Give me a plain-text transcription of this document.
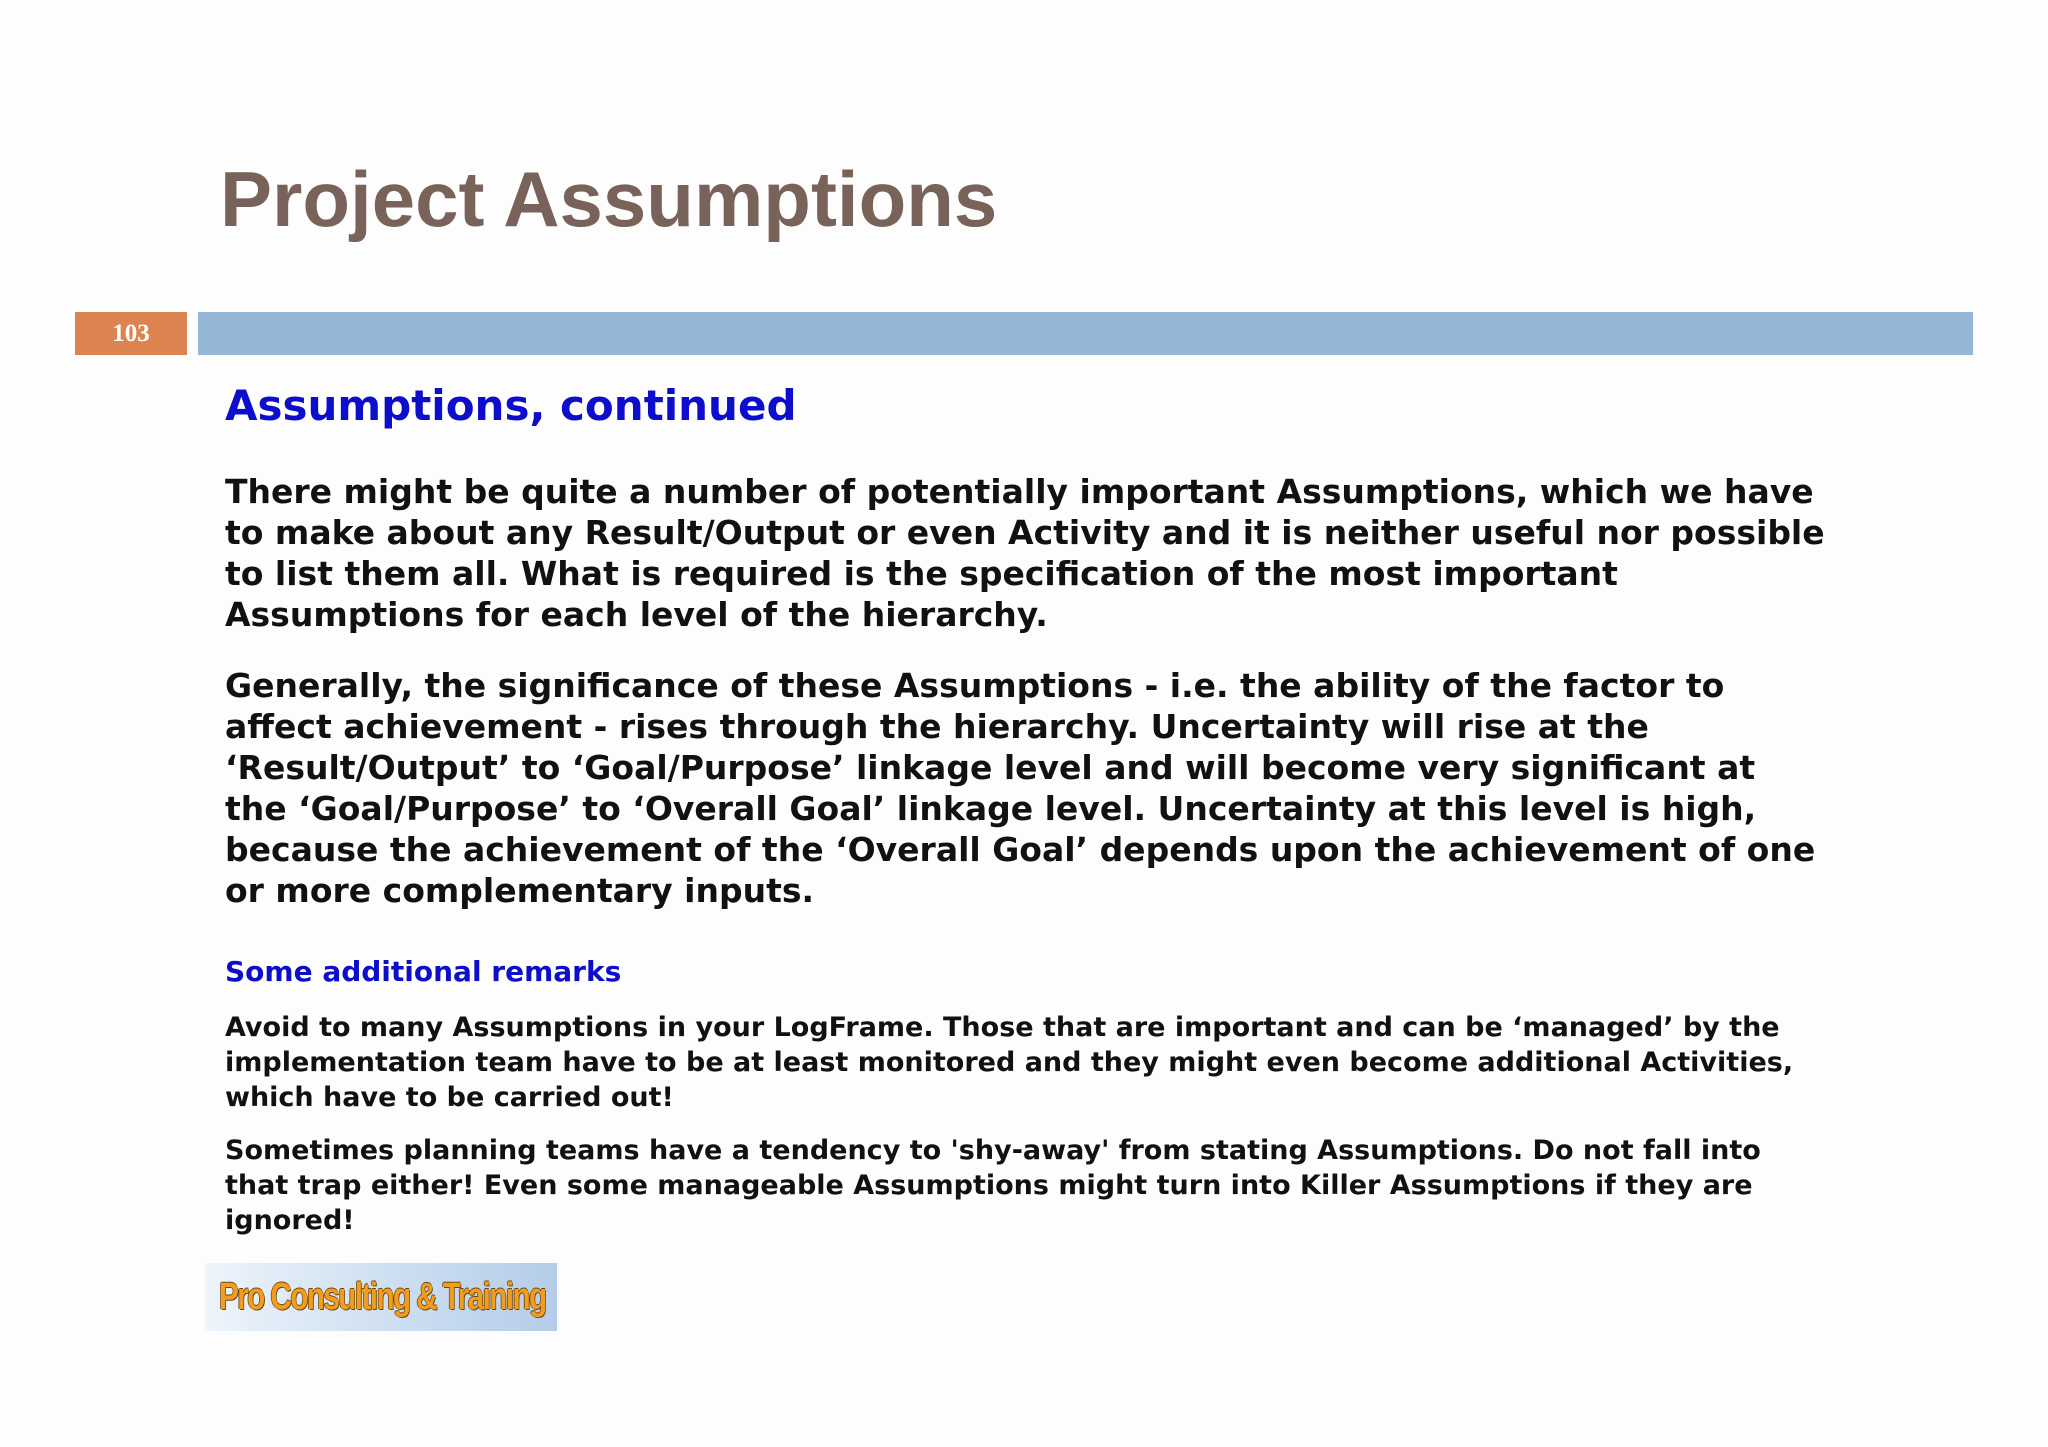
Project Assumptions
103
Assumptions, continued

There might be quite a number of potentially important Assumptions, which we have to make about any Result/Output or even Activity and it is neither useful nor possible to list them all. What is required is the specification of the most important Assumptions for each level of the hierarchy.

Generally, the significance of these Assumptions - i.e. the ability of the factor to affect achievement - rises through the hierarchy. Uncertainty will rise at the ‘Result/Output’ to ‘Goal/Purpose’ linkage level and will become very significant at the ‘Goal/Purpose’ to ‘Overall Goal’ linkage level. Uncertainty at this level is high, because the achievement of the ‘Overall Goal’ depends upon the achievement of one or more complementary inputs.

Some additional remarks

Avoid to many Assumptions in your LogFrame. Those that are important and can be ‘managed’ by the implementation team have to be at least monitored and they might even become additional Activities, which have to be carried out!

Sometimes planning teams have a tendency to 'shy-away' from stating Assumptions. Do not fall into that trap either! Even some manageable Assumptions might turn into Killer Assumptions if they are ignored!

Pro Consulting & Training
